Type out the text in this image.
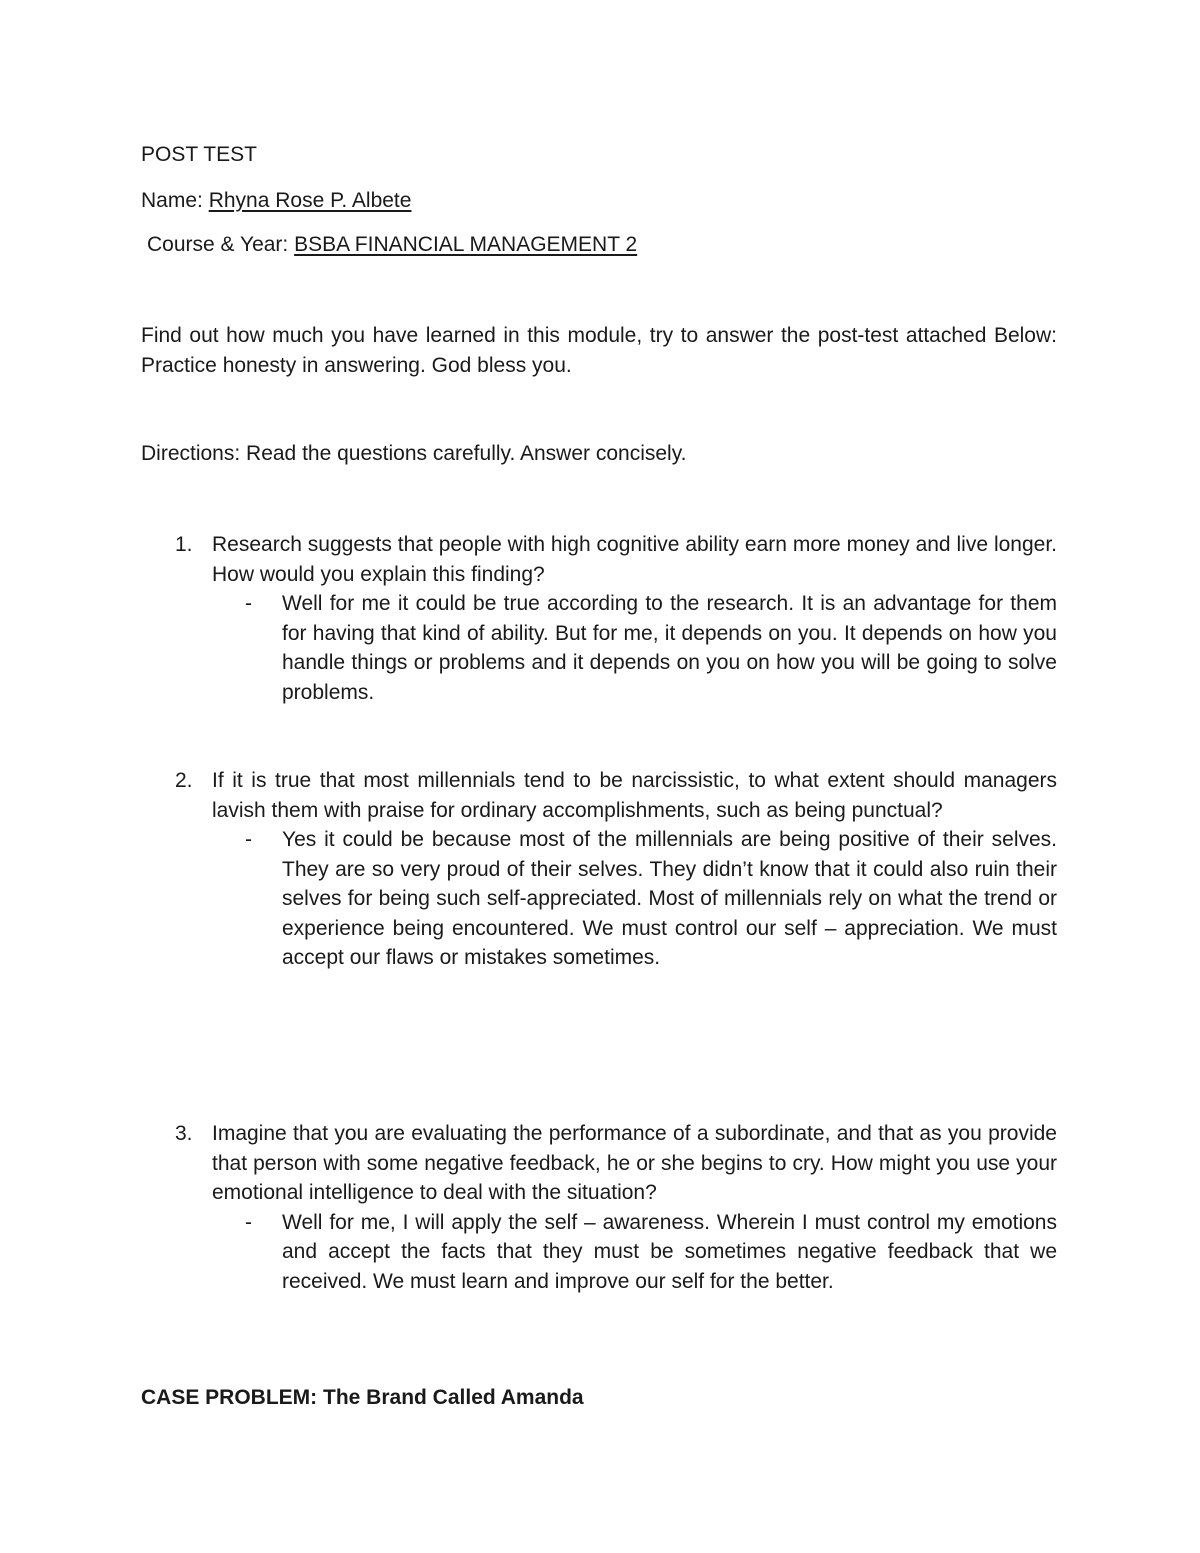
POST TEST
Name: Rhyna Rose P. Albete
Course & Year: BSBA FINANCIAL MANAGEMENT 2
Find out how much you have learned in this module, try to answer the post-test attached Below: Practice honesty in answering. God bless you.
Directions: Read the questions carefully. Answer concisely.
1. Research suggests that people with high cognitive ability earn more money and live longer. How would you explain this finding?
- Well for me it could be true according to the research. It is an advantage for them for having that kind of ability. But for me, it depends on you. It depends on how you handle things or problems and it depends on you on how you will be going to solve problems.
2. If it is true that most millennials tend to be narcissistic, to what extent should managers lavish them with praise for ordinary accomplishments, such as being punctual?
- Yes it could be because most of the millennials are being positive of their selves. They are so very proud of their selves. They didn’t know that it could also ruin their selves for being such self-appreciated. Most of millennials rely on what the trend or experience being encountered. We must control our self – appreciation. We must accept our flaws or mistakes sometimes.
3. Imagine that you are evaluating the performance of a subordinate, and that as you provide that person with some negative feedback, he or she begins to cry. How might you use your emotional intelligence to deal with the situation?
- Well for me, I will apply the self – awareness. Wherein I must control my emotions and accept the facts that they must be sometimes negative feedback that we received. We must learn and improve our self for the better.
CASE PROBLEM: The Brand Called Amanda
